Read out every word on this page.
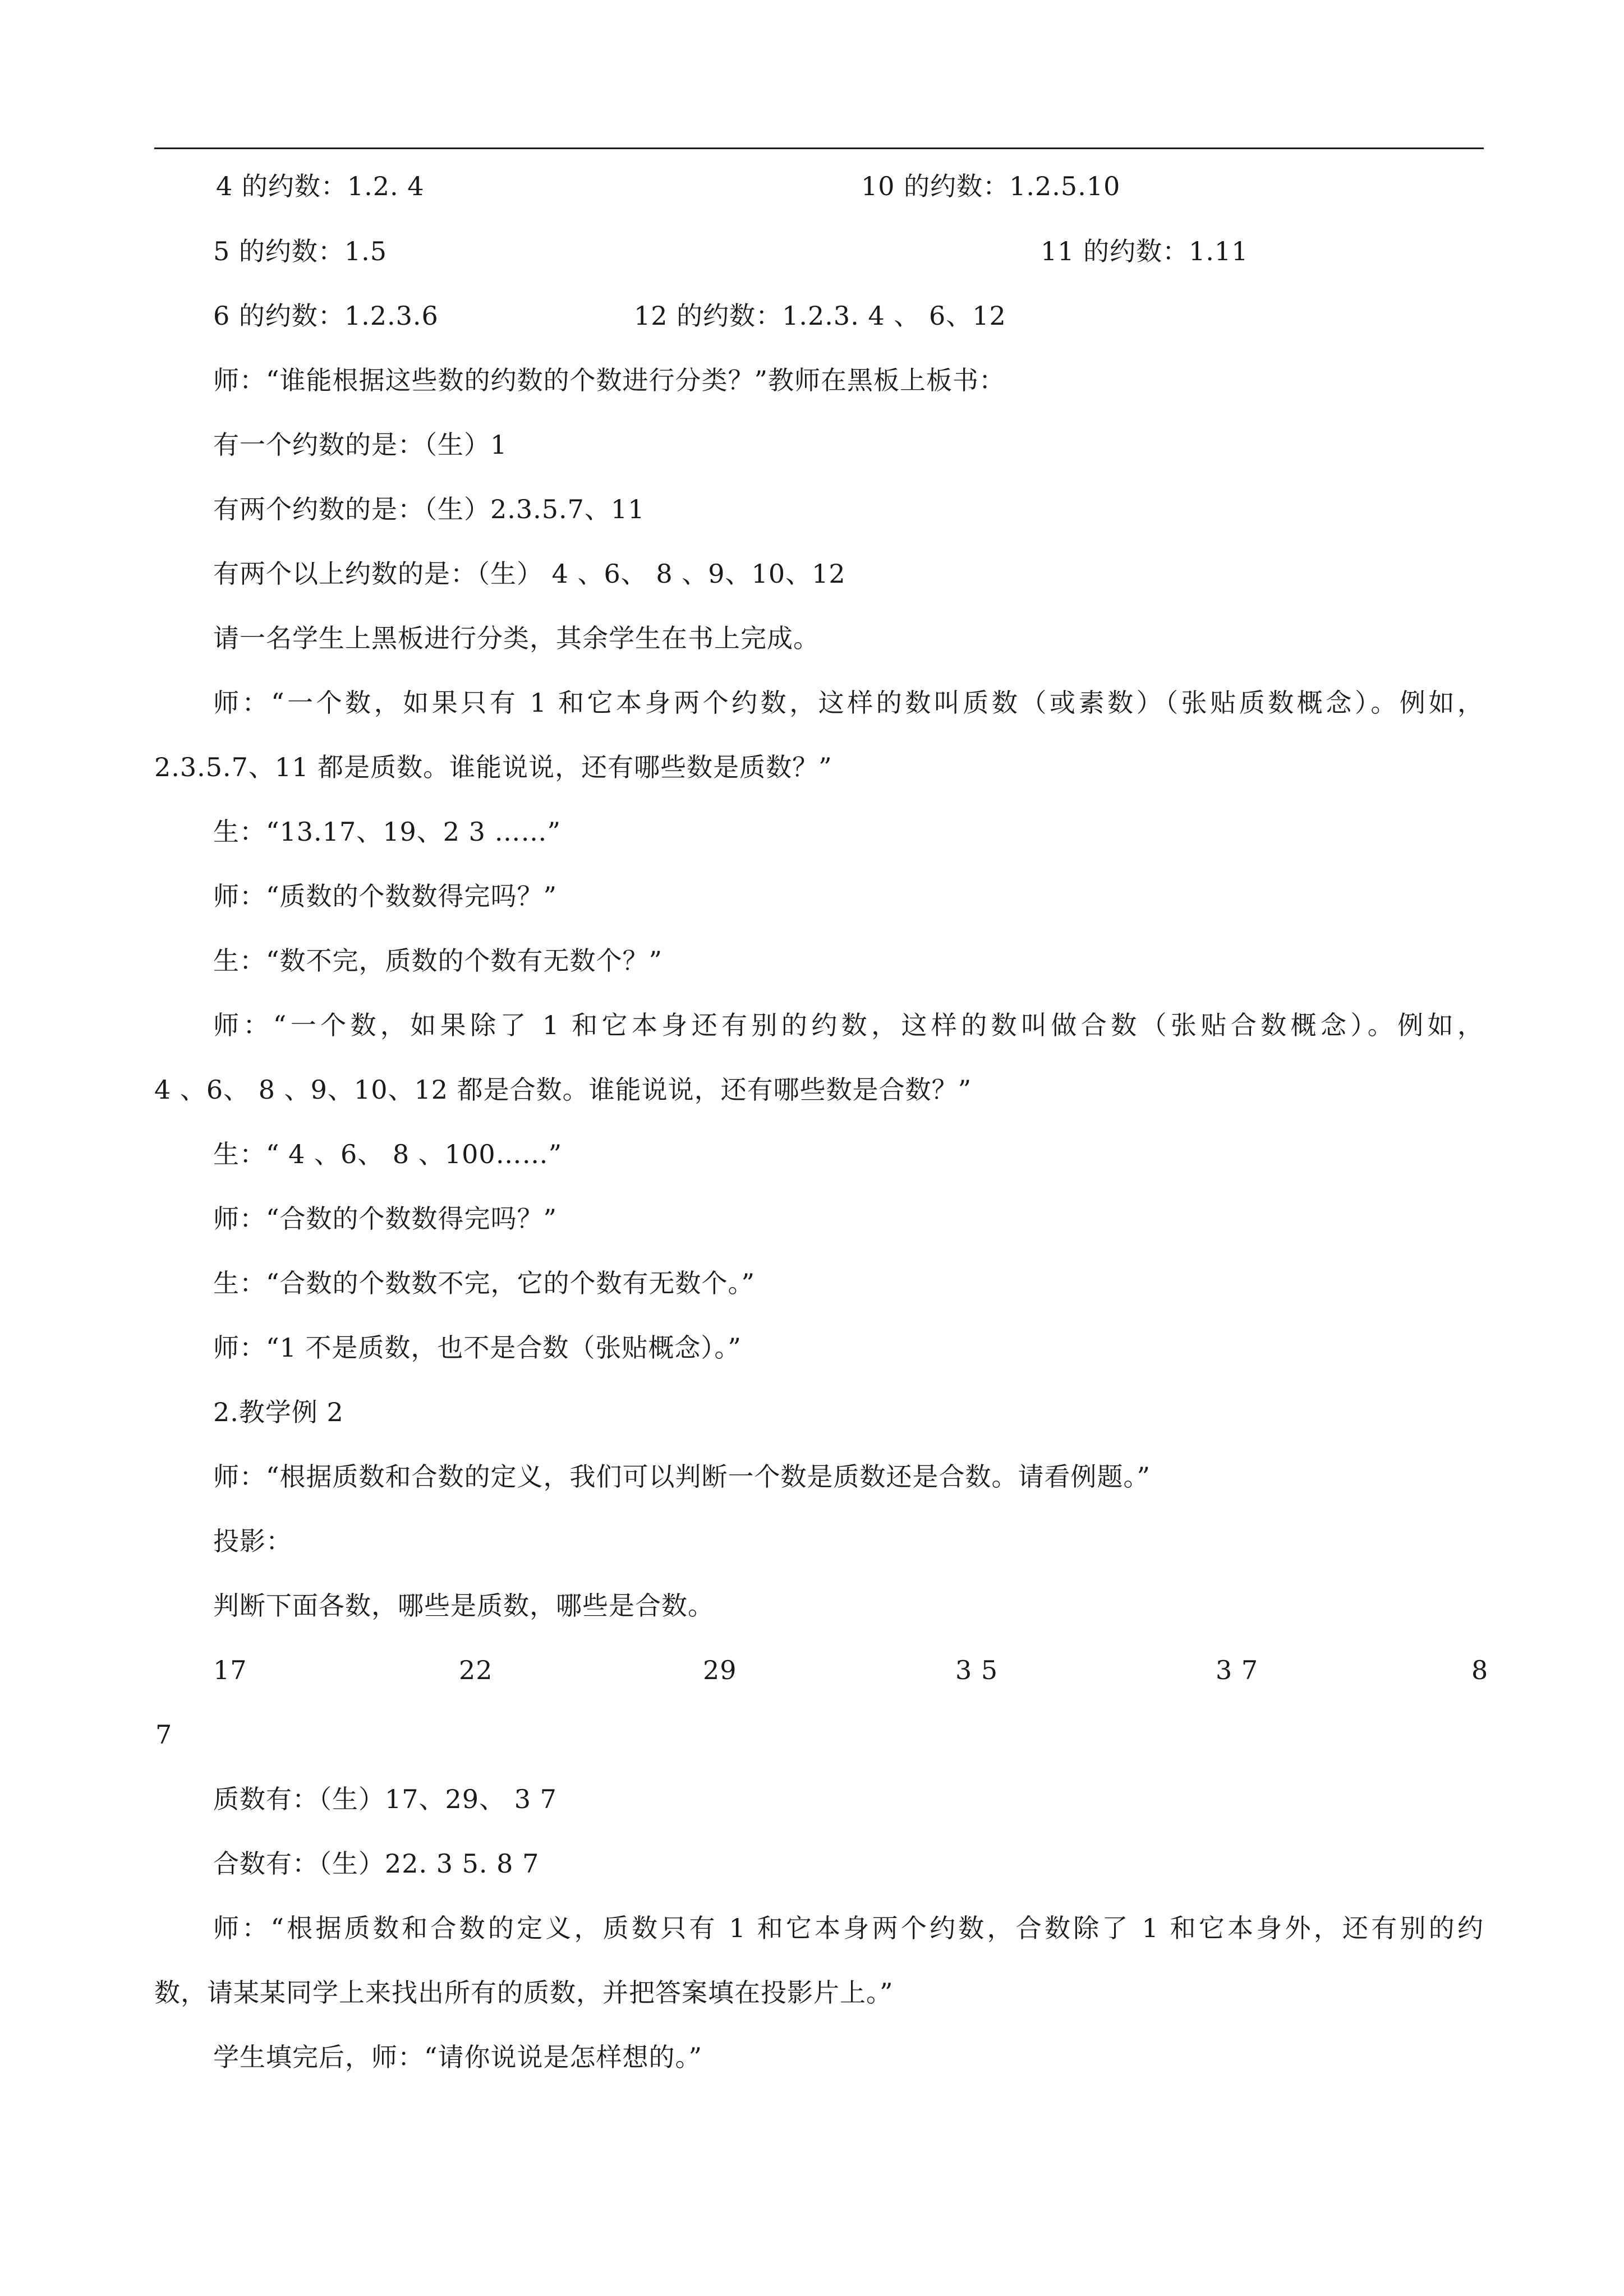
4 的约数：1.2. 4	10 的约数：1.2.5.10
5 的约数：1.5	11 的约数：1.11
6 的约数：1.2.3.6	12 的约数：1.2.3. 4 、 6、12
师：“谁能根据这些数的约数的个数进行分类？”教师在黑板上板书：
有一个约数的是：（生）1
有两个约数的是：（生）2.3.5.7、11
有两个以上约数的是：（生） 4 、6、 8 、9、10、12
请一名学生上黑板进行分类，其余学生在书上完成。
师：“一个数，如果只有 1 和它本身两个约数，这样的数叫质数（或素数）（张贴质数概念）。例如，
2.3.5.7、11 都是质数。谁能说说，还有哪些数是质数？”
生：“13.17、19、2 3 ……”
师：“质数的个数数得完吗？”
生：“数不完，质数的个数有无数个？”
师：“一个数，如果除了 1 和它本身还有别的约数，这样的数叫做合数（张贴合数概念）。例如，
4 、6、 8 、9、10、12 都是合数。谁能说说，还有哪些数是合数？”
生：“ 4 、6、 8 、100……”
师：“合数的个数数得完吗？”
生：“合数的个数数不完，它的个数有无数个。”
师：“1 不是质数，也不是合数（张贴概念）。”
2.教学例 2
师：“根据质数和合数的定义，我们可以判断一个数是质数还是合数。请看例题。”
投影：
判断下面各数，哪些是质数，哪些是合数。
17	22	29	3 5	3 7	8
7
质数有：（生）17、29、 3 7
合数有：（生）22. 3 5. 8 7
师：“根据质数和合数的定义，质数只有 1 和它本身两个约数，合数除了 1 和它本身外，还有别的约
数，请某某同学上来找出所有的质数，并把答案填在投影片上。”
学生填完后，师：“请你说说是怎样想的。”
